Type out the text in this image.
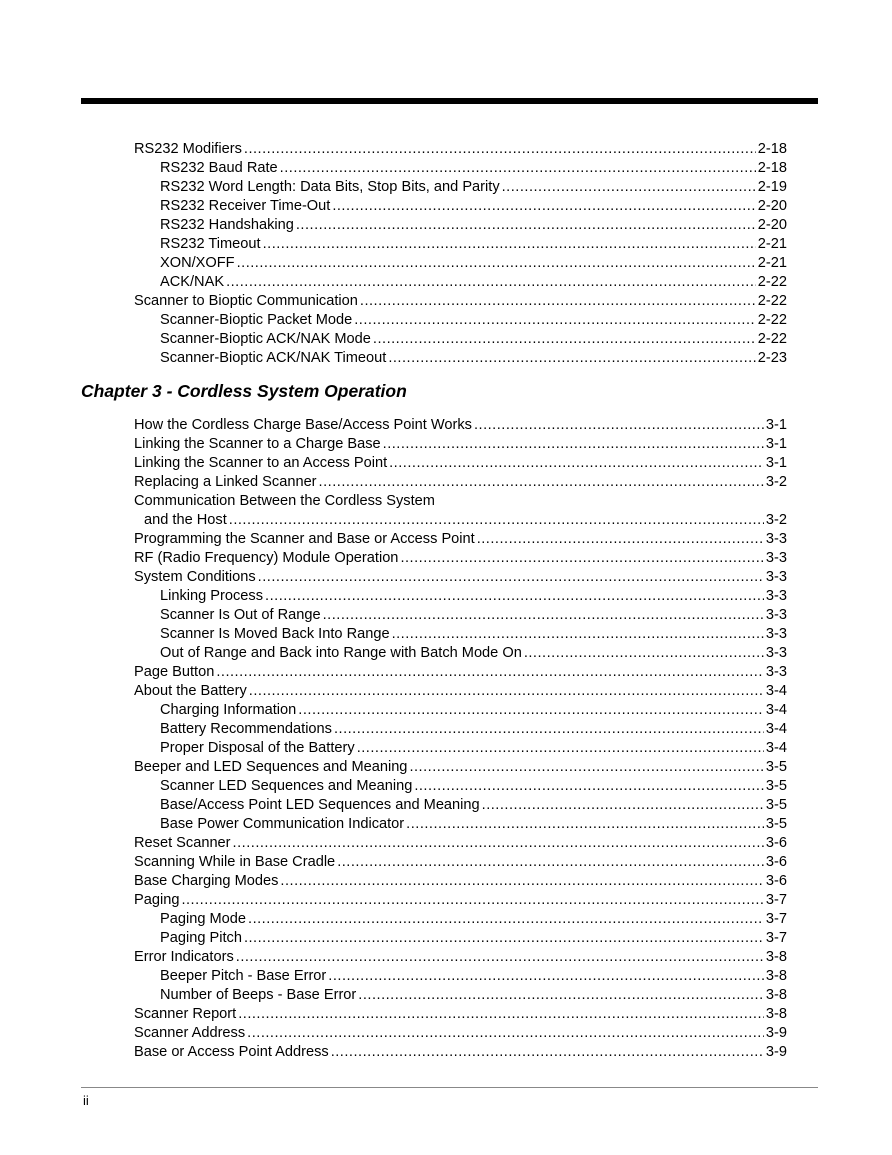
RS232 Modifiers .....	2-18
RS232 Baud Rate .....	2-18
RS232 Word Length: Data Bits, Stop Bits, and Parity .....	2-19
RS232 Receiver Time-Out .....	2-20
RS232 Handshaking .....	2-20
RS232 Timeout .....	2-21
XON/XOFF .....	2-21
ACK/NAK .....	2-22
Scanner to Bioptic Communication .....	2-22
Scanner-Bioptic Packet Mode .....	2-22
Scanner-Bioptic ACK/NAK Mode .....	2-22
Scanner-Bioptic ACK/NAK Timeout .....	2-23
Chapter 3 - Cordless System Operation
How the Cordless Charge Base/Access Point Works .....	3-1
Linking the Scanner to a Charge Base .....	3-1
Linking the Scanner to an Access Point .....	3-1
Replacing a Linked Scanner .....	3-2
Communication Between the Cordless System
and the Host .....	3-2
Programming the Scanner and Base or Access Point .....	3-3
RF (Radio Frequency) Module Operation .....	3-3
System Conditions .....	3-3
Linking Process .....	3-3
Scanner Is Out of Range .....	3-3
Scanner Is Moved Back Into Range .....	3-3
Out of Range and Back into Range with Batch Mode On .....	3-3
Page Button .....	3-3
About the Battery .....	3-4
Charging Information .....	3-4
Battery Recommendations .....	3-4
Proper Disposal of the Battery .....	3-4
Beeper and LED Sequences and Meaning .....	3-5
Scanner LED Sequences and Meaning .....	3-5
Base/Access Point LED Sequences and Meaning .....	3-5
Base Power Communication Indicator .....	3-5
Reset Scanner .....	3-6
Scanning While in Base Cradle .....	3-6
Base Charging Modes .....	3-6
Paging .....	3-7
Paging Mode .....	3-7
Paging Pitch .....	3-7
Error Indicators .....	3-8
Beeper Pitch - Base Error .....	3-8
Number of Beeps - Base Error .....	3-8
Scanner Report .....	3-8
Scanner Address .....	3-9
Base or Access Point Address .....	3-9
ii
